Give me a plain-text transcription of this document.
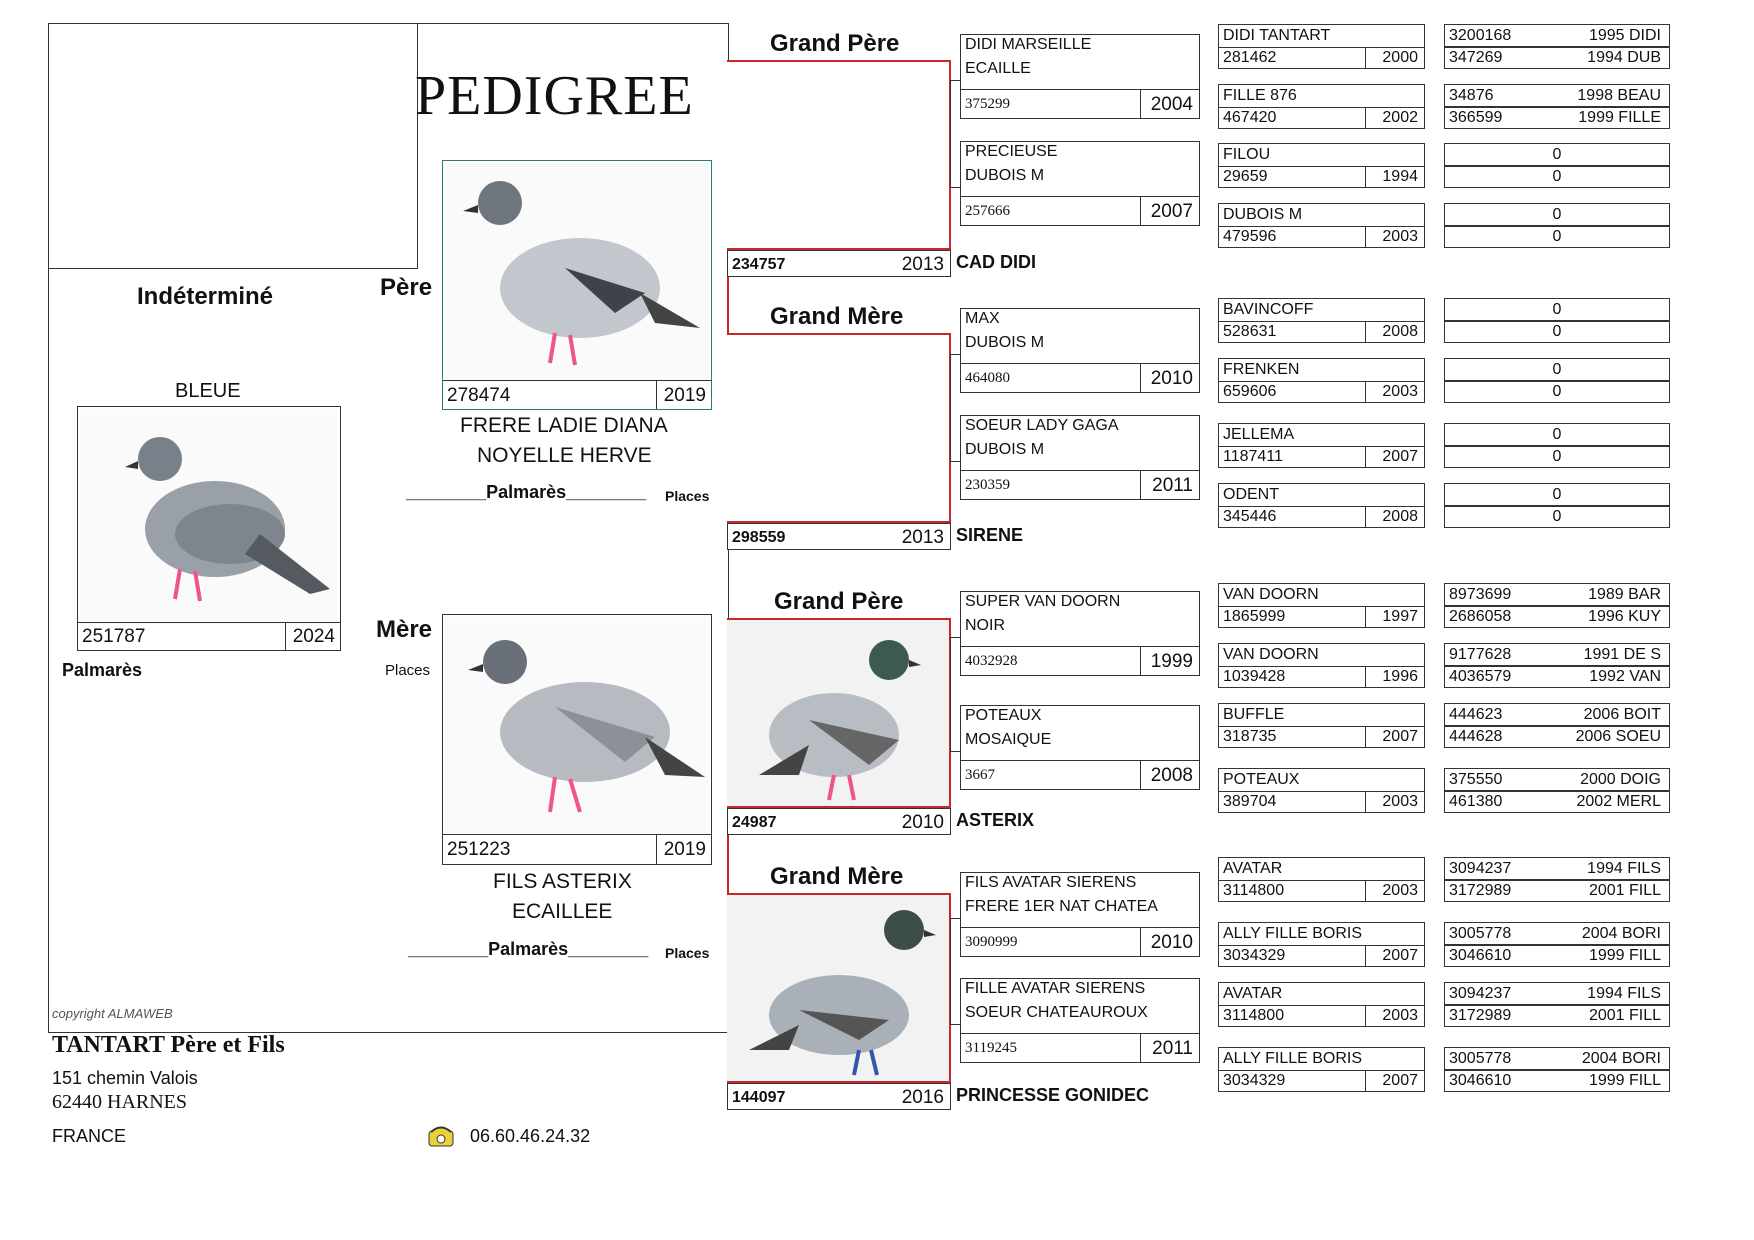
PEDIGREE
Indéterminé
BLEUE
251787	2024
Palmarès
Père
278474	2019
FRERE LADIE DIANA
NOYELLE HERVE
________Palmarès________ Places
Mère
Places
251223	2019
FILS ASTERIX
ECAILLEE
________Palmarès________ Places
copyright ALMAWEB
Grand Père
234757	2013 CAD DIDI
Grand Mère
298559	2013 SIRENE
Grand Père
24987	2010 ASTERIX
Grand Mère
144097	2016 PRINCESSE GONIDEC
DIDI MARSEILLE
ECAILLE
375299	2004
PRECIEUSE
DUBOIS M
257666	2007
MAX
DUBOIS M
464080	2010
SOEUR LADY GAGA
DUBOIS M
230359	2011
SUPER VAN DOORN
NOIR
4032928	1999
POTEAUX
MOSAIQUE
3667	2008
FILS AVATAR SIERENS
FRERE 1ER NAT CHATEA
3090999	2010
FILLE AVATAR SIERENS
SOEUR CHATEAUROUX
3119245	2011
DIDI TANTART
281462	2000
FILLE 876
467420	2002
FILOU
29659	1994
DUBOIS M
479596	2003
BAVINCOFF
528631	2008
FRENKEN
659606	2003
JELLEMA
1187411	2007
ODENT
345446	2008
VAN DOORN
1865999	1997
VAN DOORN
1039428	1996
BUFFLE
318735	2007
POTEAUX
389704	2003
AVATAR
3114800	2003
ALLY FILLE BORIS
3034329	2007
AVATAR
3114800	2003
ALLY FILLE BORIS
3034329	2007
3200168	1995 DIDI
347269	1994 DUB
34876	1998 BEAU
366599	1999 FILLE
0
0
0
0
0
0
0
0
0
0
0
0
8973699	1989 BAR
2686058	1996 KUY
9177628	1991 DE S
4036579	1992 VAN
444623	2006 BOIT
444628	2006 SOEU
375550	2000 DOIG
461380	2002 MERL
3094237	1994 FILS
3172989	2001 FILL
3005778	2004 BORI
3046610	1999 FILL
3094237	1994 FILS
3172989	2001 FILL
3005778	2004 BORI
3046610	1999 FILL
TANTART Père et Fils
151 chemin Valois
62440 HARNES
FRANCE	06.60.46.24.32
